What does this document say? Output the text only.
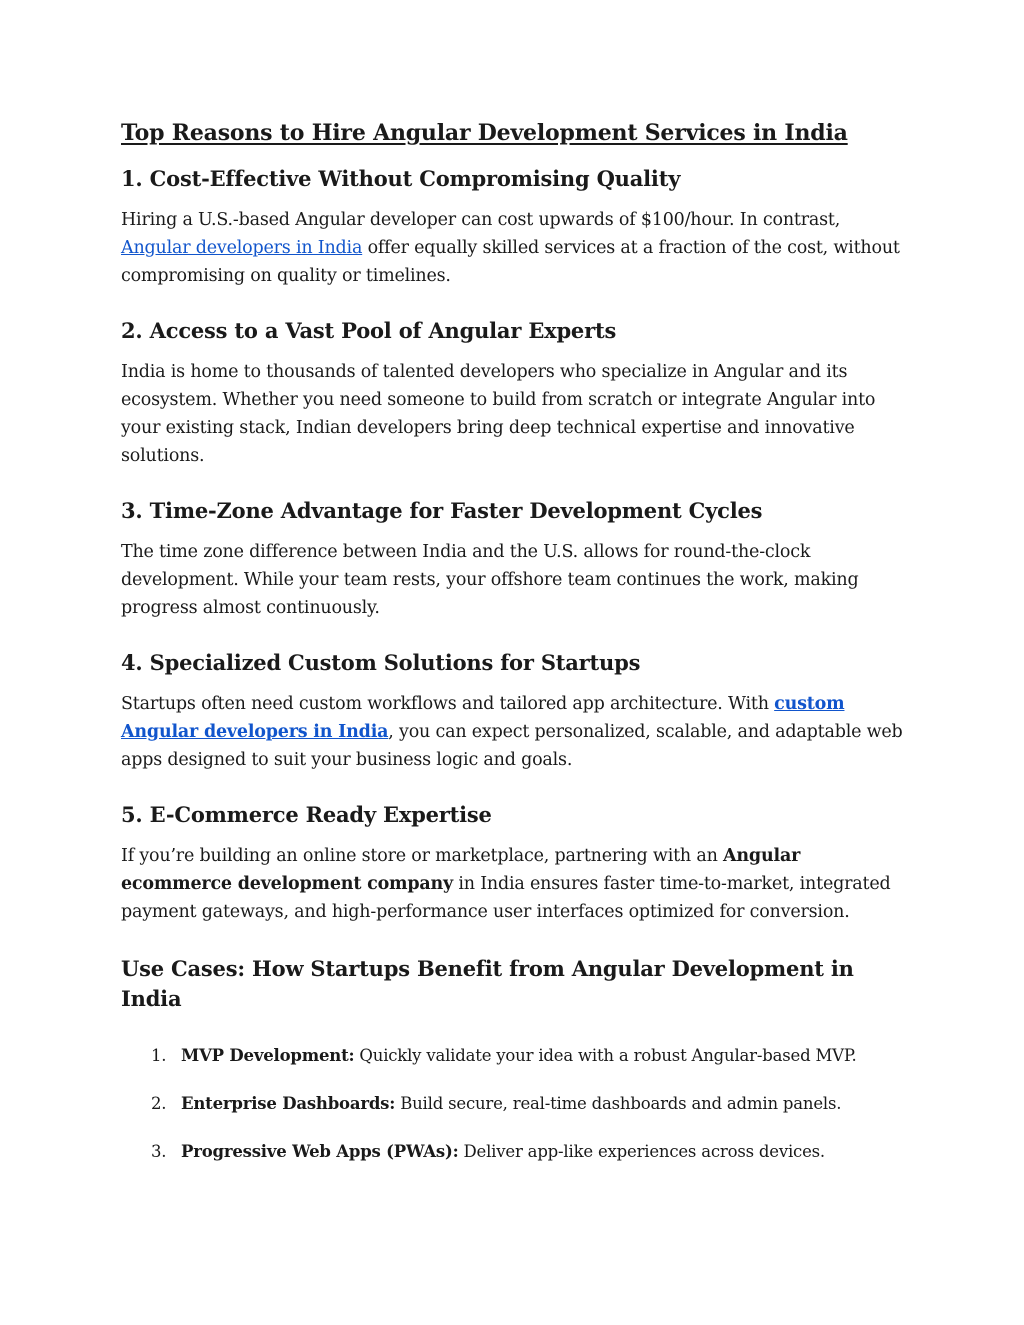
Top Reasons to Hire Angular Development Services in India
1. Cost-Effective Without Compromising Quality

Hiring a U.S.-based Angular developer can cost upwards of $100/hour. In contrast, Angular developers in India offer equally skilled services at a fraction of the cost, without compromising on quality or timelines.

2. Access to a Vast Pool of Angular Experts

India is home to thousands of talented developers who specialize in Angular and its ecosystem. Whether you need someone to build from scratch or integrate Angular into your existing stack, Indian developers bring deep technical expertise and innovative solutions.

3. Time-Zone Advantage for Faster Development Cycles

The time zone difference between India and the U.S. allows for round-the-clock development. While your team rests, your offshore team continues the work, making progress almost continuously.

4. Specialized Custom Solutions for Startups

Startups often need custom workflows and tailored app architecture. With custom Angular developers in India, you can expect personalized, scalable, and adaptable web apps designed to suit your business logic and goals.

5. E-Commerce Ready Expertise

If you’re building an online store or marketplace, partnering with an Angular ecommerce development company in India ensures faster time-to-market, integrated payment gateways, and high-performance user interfaces optimized for conversion.

Use Cases: How Startups Benefit from Angular Development in India
1. MVP Development: Quickly validate your idea with a robust Angular-based MVP.
2. Enterprise Dashboards: Build secure, real-time dashboards and admin panels.
3. Progressive Web Apps (PWAs): Deliver app-like experiences across devices.
